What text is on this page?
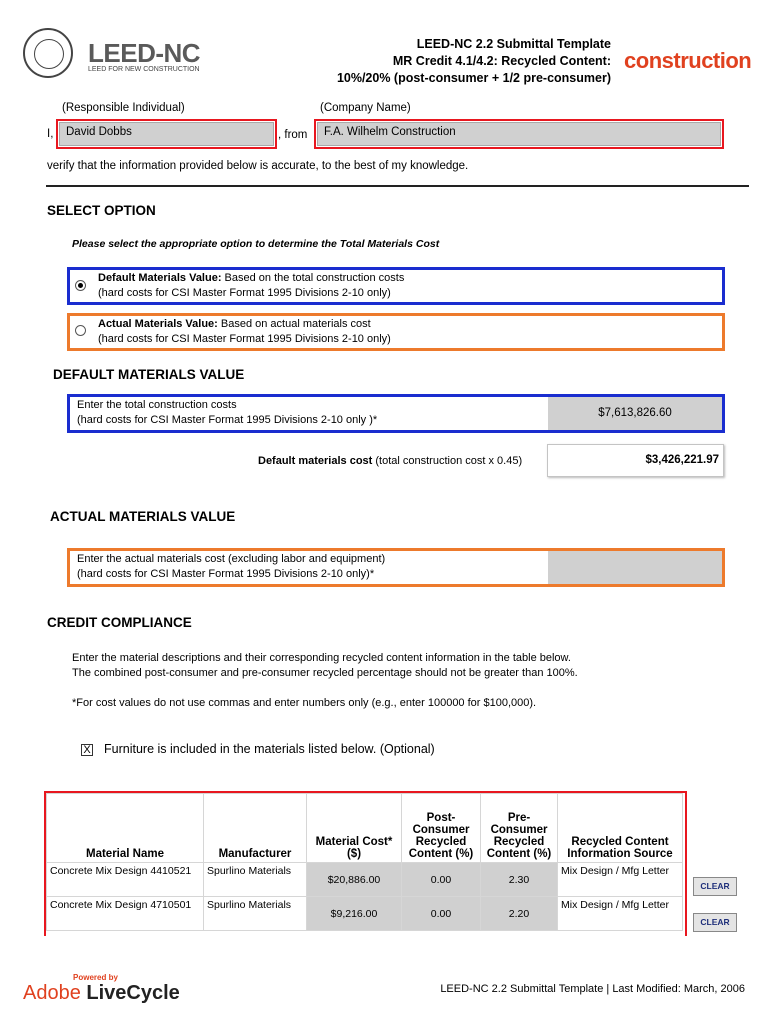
LEED-NC
LEED FOR NEW CONSTRUCTION
LEED-NC 2.2 Submittal Template
MR Credit 4.1/4.2: Recycled Content:
10%/20% (post-consumer + 1/2 pre-consumer)
construction
(Responsible Individual)	(Company Name)
I,	David Dobbs	, from	F.A. Wilhelm Construction
verify that the information provided below is accurate, to the best of my knowledge.
SELECT OPTION
Please select the appropriate option to determine the Total Materials Cost
Default Materials Value: Based on the total construction costs
(hard costs for CSI Master Format 1995 Divisions 2-10 only)
Actual Materials Value: Based on actual materials cost
(hard costs for CSI Master Format 1995 Divisions 2-10 only)
DEFAULT MATERIALS VALUE
Enter the total construction costs
(hard costs for CSI Master Format 1995 Divisions 2-10 only )*
$7,613,826.60
Default materials cost (total construction cost x 0.45)	$3,426,221.97
ACTUAL MATERIALS VALUE
Enter the actual materials cost (excluding labor and equipment)
(hard costs for CSI Master Format 1995 Divisions 2-10 only)*
CREDIT COMPLIANCE
Enter the material descriptions and their corresponding recycled content information in the table below.
The combined post-consumer and pre-consumer recycled percentage should not be greater than 100%.
*For cost values do not use commas and enter numbers only (e.g., enter 100000 for $100,000).
X Furniture is included in the materials listed below. (Optional)
Material Name	Manufacturer	Material Cost* ($)	Post-Consumer Recycled Content (%)	Pre-Consumer Recycled Content (%)	Recycled Content Information Source
Concrete Mix Design 4410521	Spurlino Materials	$20,886.00	0.00	2.30	Mix Design / Mfg Letter
Concrete Mix Design 4710501	Spurlino Materials	$9,216.00	0.00	2.20	Mix Design / Mfg Letter
CLEAR
CLEAR
Powered by
Adobe LiveCycle	LEED-NC 2.2 Submittal Template | Last Modified: March, 2006
